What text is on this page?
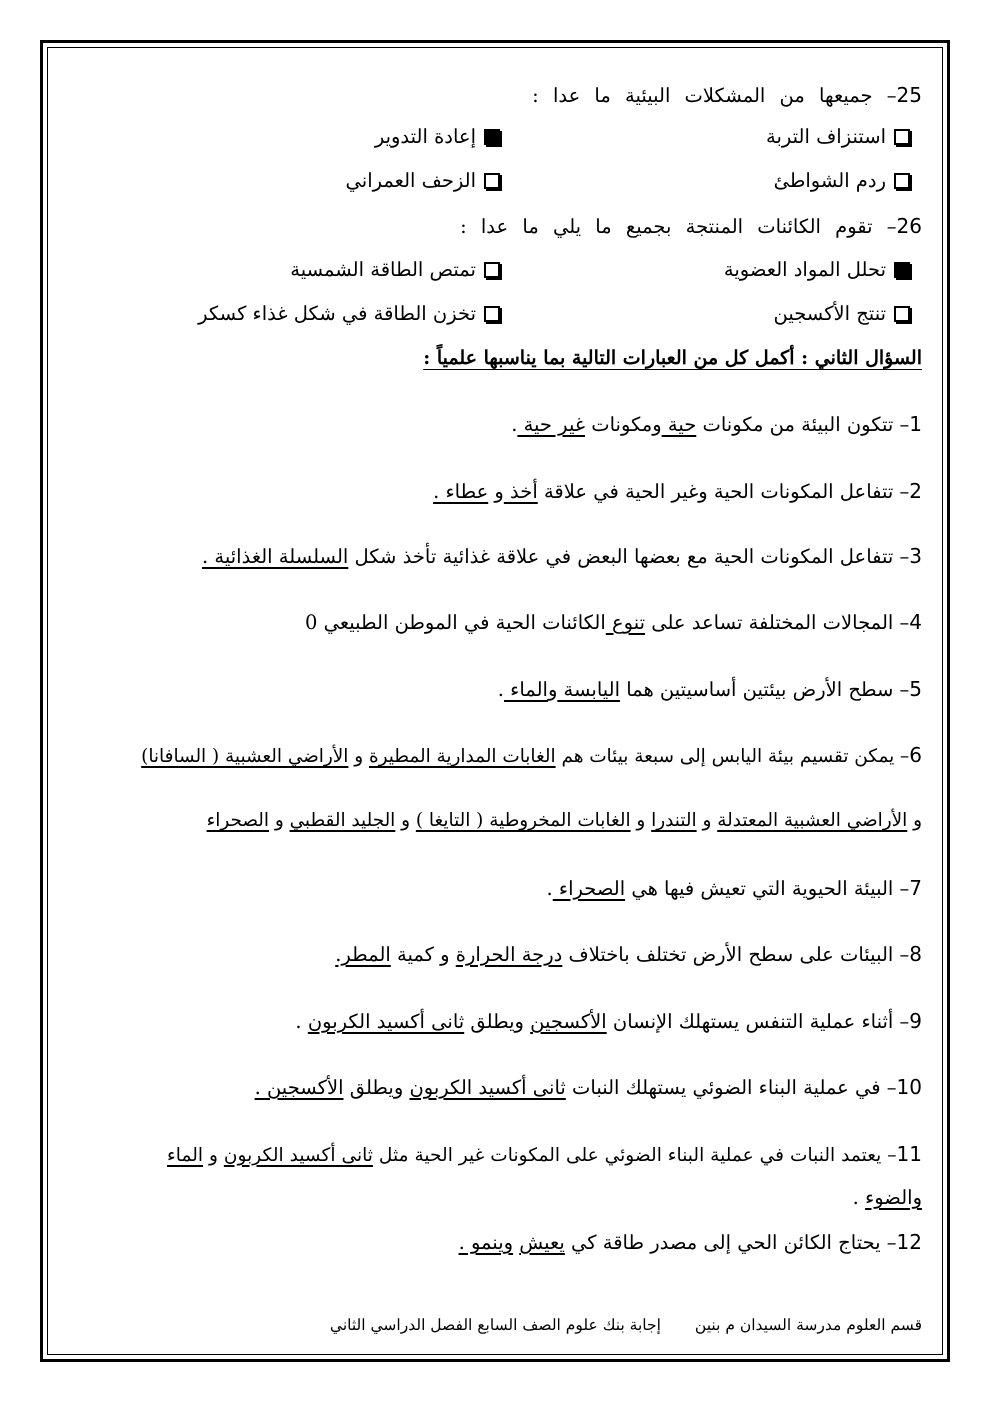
25– جميعها من المشكلات البيئية ما عدا :
استنزاف التربة
إعادة التدوير
ردم الشواطئ
الزحف العمراني
26– تقوم الكائنات المنتجة بجميع ما يلي ما عدا :
تحلل المواد العضوية
تمتص الطاقة الشمسية
تنتج الأكسجين
تخزن الطاقة في شكل غذاء كسكر
السؤال الثاني : أكمل كل من العبارات التالية بما يناسبها علمياً :
1– تتكون البيئة من مكونات حية ومكونات غير حية .
2– تتفاعل المكونات الحية وغير الحية في علاقة أخذ و عطاء .
3– تتفاعل المكونات الحية مع بعضها البعض في علاقة غذائية تأخذ شكل السلسلة الغذائية .
4– المجالات المختلفة تساعد على تنوع الكائنات الحية في الموطن الطبيعي 0
5– سطح الأرض بيئتين أساسيتين هما اليابسة والماء .
6– يمكن تقسيم بيئة اليابس إلى سبعة بيئات هم الغابات المدارية المطيرة و الأراضي العشبية ( السافانا)
و الأراضي العشبية المعتدلة و التندرا و الغابات المخروطية ( التايغا ) و الجليد القطبي و الصحراء
7– البيئة الحيوية التي تعيش فيها هي الصحراء .
8– البيئات على سطح الأرض تختلف باختلاف درجة الحرارة و كمية المطر.
9– أثناء عملية التنفس يستهلك الإنسان الأكسجين ويطلق ثانى أكسيد الكربون .
10– في عملية البناء الضوئي يستهلك النبات ثانى أكسيد الكربون ويطلق الأكسجين .
11– يعتمد النبات في عملية البناء الضوئي على المكونات غير الحية مثل ثانى أكسيد الكربون و الماء
والضوء .
12– يحتاج الكائن الحي إلى مصدر طاقة كي يعيش وينمو .
قسم العلوم مدرسة السيدان م بنينإجابة بنك علوم الصف السابع الفصل الدراسي الثاني
